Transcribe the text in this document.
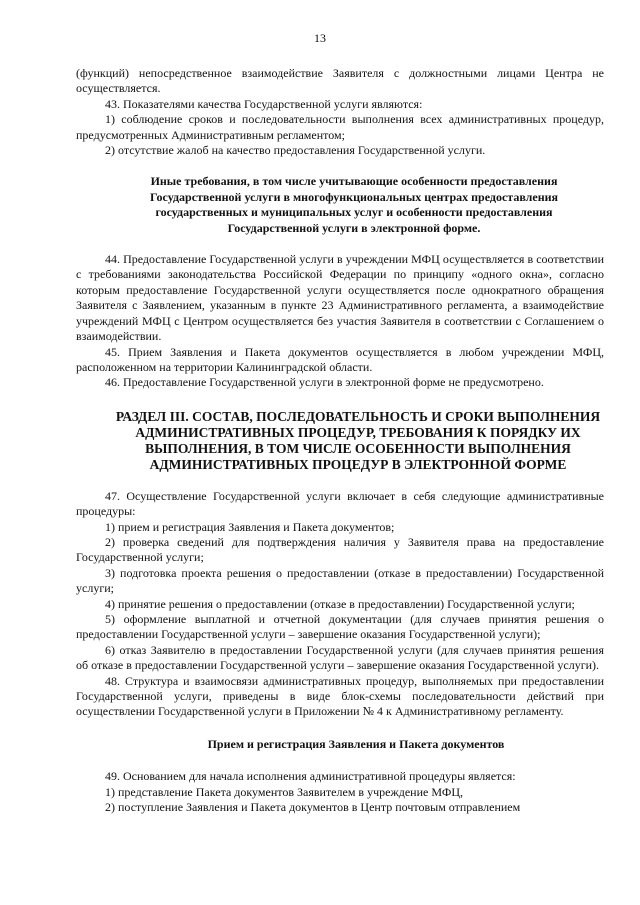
13

(функций) непосредственное взаимодействие Заявителя с должностными лицами Центра не осуществляется.

43. Показателями качества Государственной услуги являются:

1) соблюдение сроков и последовательности выполнения всех административных процедур, предусмотренных Административным регламентом;

2) отсутствие жалоб на качество предоставления Государственной услуги.

Иные требования, в том числе учитывающие особенности предоставления Государственной услуги в многофункциональных центрах предоставления государственных и муниципальных услуг и особенности предоставления Государственной услуги в электронной форме.

44. Предоставление Государственной услуги в учреждении МФЦ осуществляется в соответствии с требованиями законодательства Российской Федерации по принципу «одного окна», согласно которым предоставление Государственной услуги осуществляется после однократного обращения Заявителя с Заявлением, указанным в пункте 23 Административного регламента, а взаимодействие учреждений МФЦ с Центром осуществляется без участия Заявителя в соответствии с Соглашением о взаимодействии.

45. Прием Заявления и Пакета документов осуществляется в любом учреждении МФЦ, расположенном на территории Калининградской области.

46. Предоставление Государственной услуги в электронной форме не предусмотрено.

РАЗДЕЛ III. СОСТАВ, ПОСЛЕДОВАТЕЛЬНОСТЬ И СРОКИ ВЫПОЛНЕНИЯ АДМИНИСТРАТИВНЫХ ПРОЦЕДУР, ТРЕБОВАНИЯ К ПОРЯДКУ ИХ ВЫПОЛНЕНИЯ, В ТОМ ЧИСЛЕ ОСОБЕННОСТИ ВЫПОЛНЕНИЯ АДМИНИСТРАТИВНЫХ ПРОЦЕДУР В ЭЛЕКТРОННОЙ ФОРМЕ

47. Осуществление Государственной услуги включает в себя следующие административные процедуры:

1) прием и регистрация Заявления и Пакета документов;

2) проверка сведений для подтверждения наличия у Заявителя права на предоставление Государственной услуги;

3) подготовка проекта решения о предоставлении (отказе в предоставлении) Государственной услуги;

4) принятие решения о предоставлении (отказе в предоставлении) Государственной услуги;

5) оформление выплатной и отчетной документации (для случаев принятия решения о предоставлении Государственной услуги – завершение оказания Государственной услуги);

6) отказ Заявителю в предоставлении Государственной услуги (для случаев принятия решения об отказе в предоставлении Государственной услуги – завершение оказания Государственной услуги).

48. Структура и взаимосвязи административных процедур, выполняемых при предоставлении Государственной услуги, приведены в виде блок-схемы последовательности действий при осуществлении Государственной услуги в Приложении № 4 к Административному регламенту.

Прием и регистрация Заявления и Пакета документов

49. Основанием для начала исполнения административной процедуры является:

1) представление Пакета документов Заявителем в учреждение МФЦ,

2) поступление Заявления и Пакета документов в Центр почтовым отправлением
